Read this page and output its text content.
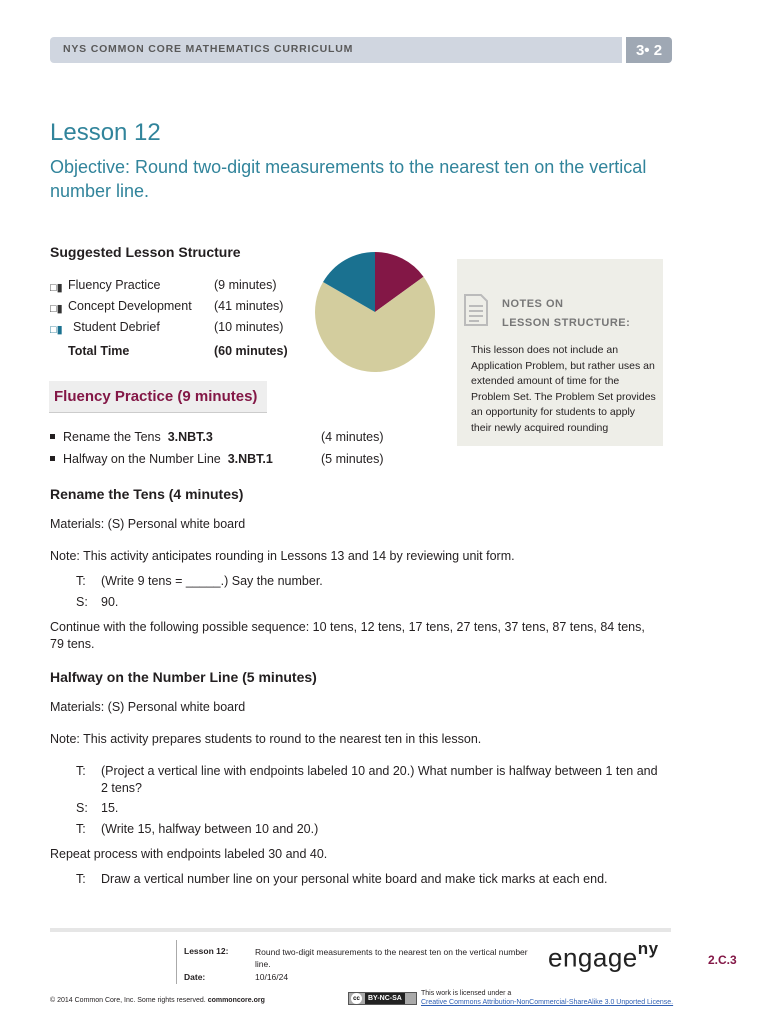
NYS COMMON CORE MATHEMATICS CURRICULUM	3• 2
Lesson 12
Objective: Round two-digit measurements to the nearest ten on the vertical number line.
Suggested Lesson Structure
□▮ Fluency Practice	(9 minutes)
□▮ Concept Development (41 minutes)
□▮ Student Debrief	(10 minutes)
Total Time	(60 minutes)
NOTES ON
LESSON STRUCTURE:
This lesson does not include an Application Problem, but rather uses an extended amount of time for the Problem Set. The Problem Set provides an opportunity for students to apply their newly acquired rounding
Fluency Practice (9 minutes)
Rename the Tens 3.NBT.3	(4 minutes)
Halfway on the Number Line 3.NBT.1	(5 minutes)
Rename the Tens (4 minutes)
Materials: (S) Personal white board
Note: This activity anticipates rounding in Lessons 13 and 14 by reviewing unit form.
T: (Write 9 tens = _____.) Say the number.
S: 90.
Continue with the following possible sequence: 10 tens, 12 tens, 17 tens, 27 tens, 37 tens, 87 tens, 84 tens, 79 tens.
Halfway on the Number Line (5 minutes)
Materials: (S) Personal white board
Note: This activity prepares students to round to the nearest ten in this lesson.
T: (Project a vertical line with endpoints labeled 10 and 20.) What number is halfway between 1 ten and 2 tens?
S: 15.
T: (Write 15, halfway between 10 and 20.)
Repeat process with endpoints labeled 30 and 40.
T: Draw a vertical number line on your personal white board and make tick marks at each end.
Lesson 12:	Round two-digit measurements to the nearest ten on the vertical number line.
Date:	10/16/24
engage$^{ny}$
2.C.3
© 2014 Common Core, Inc. Some rights reserved. commoncore.org	cc	BY-NC-SA
This work is licensed under a
Creative Commons Attribution-NonCommercial-ShareAlike 3.0 Unported License.
